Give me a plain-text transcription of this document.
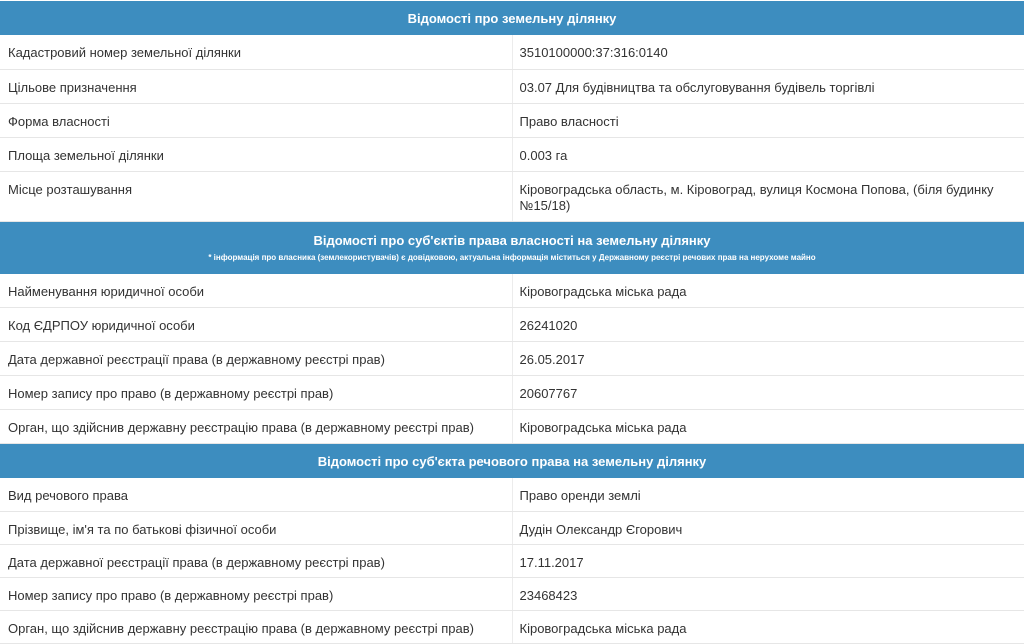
Відомості про земельну ділянку	
Кадастровий номер земельної ділянки	3510100000:37:316:0140
Цільове призначення	03.07 Для будівництва та обслуговування будівель торгівлі
Форма власності	Право власності
Площа земельної ділянки	0.003 га
Місце розташування	Кіровоградська область, м. Кіровоград, вулиця Космона Попова, (біля будинку №15/18)

Відомості про суб'єктів права власності на земельну ділянку
* інформація про власника (землекористувачів) є довідковою, актуальна інформація міститься у Державному реєстрі речових прав на нерухоме майно	

Найменування юридичної особи	Кіровоградська міська рада
Код ЄДРПОУ юридичної особи	26241020
Дата державної реєстрації права (в державному реєстрі прав)	26.05.2017
Номер запису про право (в державному реєстрі прав)	20607767
Орган, що здійснив державну реєстрацію права (в державному реєстрі прав)	Кіровоградська міська рада
Відомості про суб'єкта речового права на земельну ділянку	
Вид речового права	Право оренди землі
Прізвище, ім'я та по батькові фізичної особи	Дудін Олександр Єгорович
Дата державної реєстрації права (в державному реєстрі прав)	17.11.2017
Номер запису про право (в державному реєстрі прав)	23468423
Орган, що здійснив державну реєстрацію права (в державному реєстрі прав)	Кіровоградська міська рада
